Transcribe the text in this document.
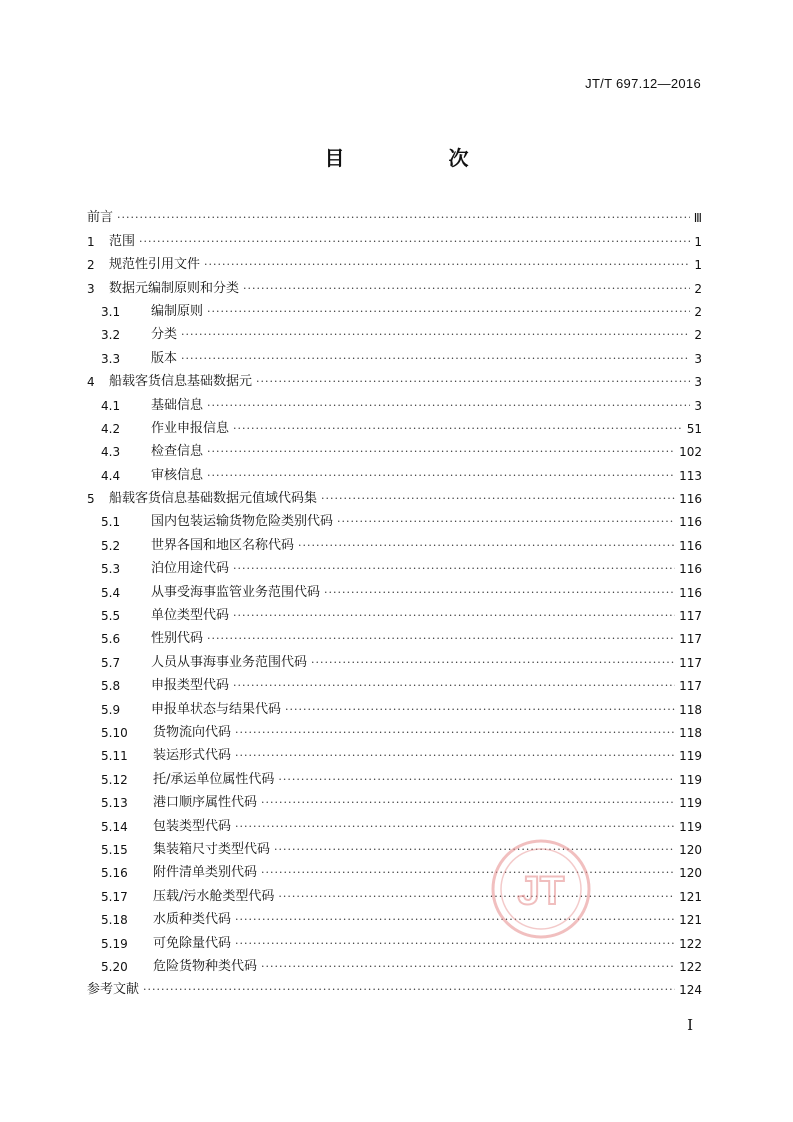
JT/T 697.12—2016
目　次
前言 ·····	Ⅲ
1	范围 ·····	1
2	规范性引用文件 ·····	1
3	数据元编制原则和分类 ·····	2
3.1	编制原则 ·····	2
3.2	分类 ·····	2
3.3	版本 ·····	3
4	船载客货信息基础数据元 ·····	3
4.1	基础信息 ·····	3
4.2	作业申报信息 ·····	51
4.3	检查信息 ·····	102
4.4	审核信息 ·····	113
5	船载客货信息基础数据元值域代码集 ·····	116
5.1	国内包装运输货物危险类别代码 ·····	116
5.2	世界各国和地区名称代码 ·····	116
5.3	泊位用途代码 ·····	116
5.4	从事受海事监管业务范围代码 ·····	116
5.5	单位类型代码 ·····	117
5.6	性别代码 ·····	117
5.7	人员从事海事业务范围代码 ·····	117
5.8	申报类型代码 ·····	117
5.9	申报单状态与结果代码 ·····	118
5.10	货物流向代码 ·····	118
5.11	装运形式代码 ·····	119
5.12	托/承运单位属性代码 ·····	119
5.13	港口顺序属性代码 ·····	119
5.14	包装类型代码 ·····	119
5.15	集装箱尺寸类型代码 ·····	120
5.16	附件清单类别代码 ·····	120
5.17	压载/污水舱类型代码 ·····	121
5.18	水质种类代码 ·····	121
5.19	可免除量代码 ·····	122
5.20	危险货物种类代码 ·····	122
参考文献 ·····	124
JT
I
